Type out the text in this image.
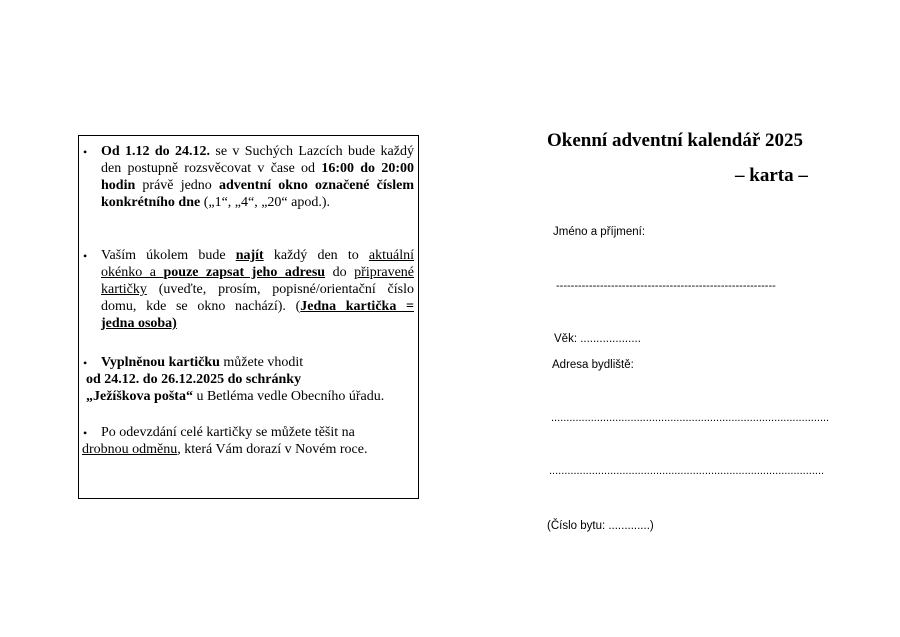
• Od 1.12 do 24.12. se v Suchých Lazcích bude každý
den postupně rozsvěcovat v čase od 16:00 do 20:00
hodin právě jedno adventní okno označené číslem
konkrétního dne („1“, „4“, „20“ apod.).
• Vaším úkolem bude najít každý den to aktuální
okénko a pouze zapsat jeho adresu do připravené
kartičky (uveďte, prosím, popisné/orientační číslo
domu, kde se okno nachází). (Jedna kartička =
jedna osoba)
• Vyplněnou kartičku můžete vhodit
od 24.12. do 26.12.2025 do schránky
„Ježíškova pošta“ u Betléma vedle Obecního úřadu.
• Po odevzdání celé kartičky se můžete těšit na
drobnou odměnu, která Vám dorazí v Novém roce.
Okenní adventní kalendář 2025
– karta –
Jméno a příjmení:
------------------------------------------------------------
Věk: ...................
Adresa bydliště:
...........................................................................................
..........................................................................................
(Číslo bytu: .............)
